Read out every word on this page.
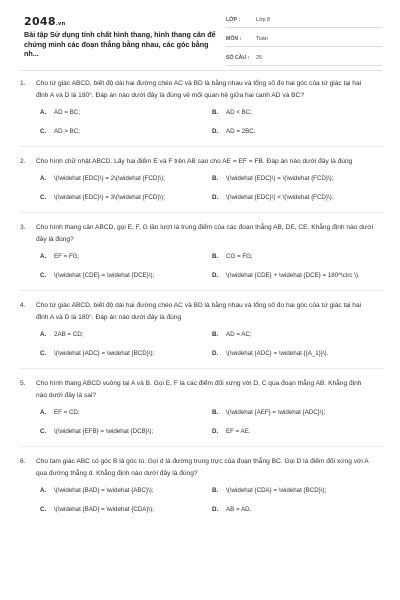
2048.vn
Bài tập Sử dụng tính chất hình thang, hình thang cân để chứng minh các đoạn thẳng bằng nhau, các góc bằng nh...
LỚP :	Lớp 8
MÔN :	Toán
SỐ CÂU :	25
1.	Cho tứ giác ABCD, biết độ dài hai đường chéo AC và BD là bằng nhau và tổng số đo hai góc của tứ giác tại hai đỉnh A và D là 180°. Đáp án nào dưới đây là đúng về mối quan hệ giữa hai cạnh AD và BC?
A.	AD = BC;	B.	AD < BC;
C.	AD > BC;	D.	AD = 2BC.
2.	Cho hình chữ nhật ABCD. Lấy hai điểm E và F trên AB sao cho AE = EF = FB. Đáp án nào dưới đây là đúng
A.	\(\widehat {EDC}\) = 2\(\widehat {FCD}\);	B.	\(\widehat {EDC}\) = \(\widehat {FCD}\);
C.	\(\widehat {EDC}\) = 3\(\widehat {FCD}\);	D.	\(\widehat {EDC}\) < \(\widehat {FCD}\).
3.	Cho hình thang cân ABCD, gọi E, F, G lần lượt là trung điểm của các đoạn thẳng AB, DE, CE. Khẳng định nào dưới đây là đúng?
A.	EF = FG;	B.	CG = FG;
C.	\(\widehat {CDE} = \widehat {DCE}\);	D.	\(\widehat {CDE} + \widehat {DCE} = 180^\circ \).
4.	Cho tứ giác ABCD, biết độ dài hai đường chéo AC và BD là bằng nhau và tổng số đo hai góc của tứ giác tại hai đỉnh A và D là 180°. Đáp án nào dưới đây là đúng
A.	2AB = CD;	B.	AD = AC;
C.	\(\widehat {ADC} = \widehat {BCD}\);	D.	\(\widehat {ADC} = \widehat {{A_1}}\).
5.	Cho hình thang ABCD vuông tại A và B. Gọi E, F là các điểm đối xứng với D, C qua đoạn thẳng AB. Khẳng định nào dưới đây là sai?
A.	EF = CD;	B.	\(\widehat {AEF} = \widehat {ADC}\);
C.	\(\widehat {EFB} = \widehat {DCB}\);	D.	EF = AE.
6.	Cho tam giác ABC có góc B là góc tù. Gọi d là đường trung trực của đoạn thẳng BC. Gọi D là điểm đối xứng với A qua đường thẳng d. Khẳng định nào dưới đây là đúng?
A.	\(\widehat {BAD} = \widehat {ABC}\);	B.	\(\widehat {CDA} = \widehat {BCD}\);
C.	\(\widehat {BAD} = \widehat {CDA}\);	D.	AB = AD.
